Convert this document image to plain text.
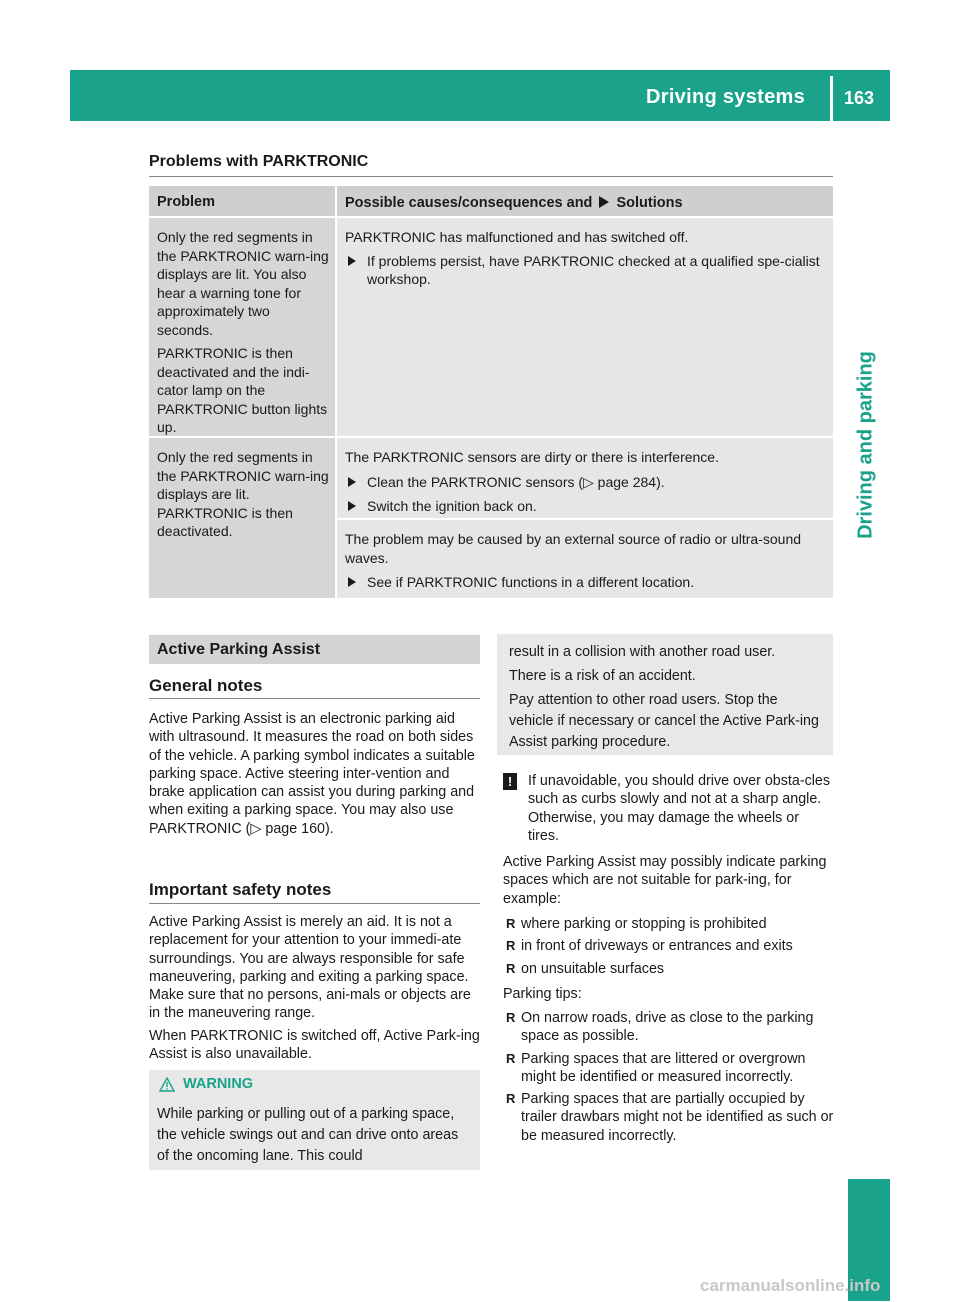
Driving systems 163
Driving and parking
Problems with PARKTRONIC
Problem	Possible causes/consequences and Solutions
Only the red segments in the PARKTRONIC warn-ing displays are lit. You also hear a warning tone for approximately two seconds.
PARKTRONIC is then deactivated and the indi-cator lamp on the PARKTRONIC button lights up.
PARKTRONIC has malfunctioned and has switched off.
If problems persist, have PARKTRONIC checked at a qualified spe-cialist workshop.
Only the red segments in the PARKTRONIC warn-ing displays are lit. PARKTRONIC is then deactivated.
The PARKTRONIC sensors are dirty or there is interference.
Clean the PARKTRONIC sensors (▷ page 284).
Switch the ignition back on.
The problem may be caused by an external source of radio or ultra-sound waves.
See if PARKTRONIC functions in a different location.
Active Parking Assist
General notes
Active Parking Assist is an electronic parking aid with ultrasound. It measures the road on both sides of the vehicle. A parking symbol indicates a suitable parking space. Active steering inter-vention and brake application can assist you during parking and when exiting a parking space. You may also use PARKTRONIC (▷ page 160).
Important safety notes
Active Parking Assist is merely an aid. It is not a replacement for your attention to your immedi-ate surroundings. You are always responsible for safe maneuvering, parking and exiting a parking space. Make sure that no persons, ani-mals or objects are in the maneuvering range.
When PARKTRONIC is switched off, Active Park-ing Assist is also unavailable.
WARNING
While parking or pulling out of a parking space, the vehicle swings out and can drive onto areas of the oncoming lane. This could
result in a collision with another road user.
There is a risk of an accident.
Pay attention to other road users. Stop the vehicle if necessary or cancel the Active Park-ing Assist parking procedure.
!	If unavoidable, you should drive over obsta-cles such as curbs slowly and not at a sharp angle. Otherwise, you may damage the wheels or tires.
Active Parking Assist may possibly indicate parking spaces which are not suitable for park-ing, for example:
R where parking or stopping is prohibited
R in front of driveways or entrances and exits
R on unsuitable surfaces
Parking tips:
R On narrow roads, drive as close to the parking space as possible.
R Parking spaces that are littered or overgrown might be identified or measured incorrectly.
R Parking spaces that are partially occupied by trailer drawbars might not be identified as such or be measured incorrectly.
carmanualsonline.info
